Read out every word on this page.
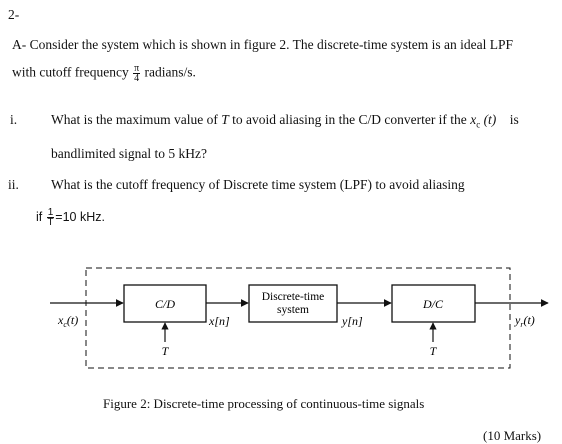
2-
A- Consider the system which is shown in figure 2. The discrete-time system is an ideal LPF
with cutoff frequency $\frac{\pi}{4}$ radians/s.
i.	What is the maximum value of T to avoid aliasing in the C/D converter if the $x_c$ (t) is
bandlimited signal to 5 kHz?
ii. What is the cutoff frequency of Discrete time system (LPF) to avoid aliasing
if $\frac{1}{T} =10$ kHz.
C/D
T
x[n]
Discrete-time
system
y[n]
D/C
T
$x_c(t)$	$y_r(t)$
Figure 2: Discrete-time processing of continuous-time signals
(10 Marks)
